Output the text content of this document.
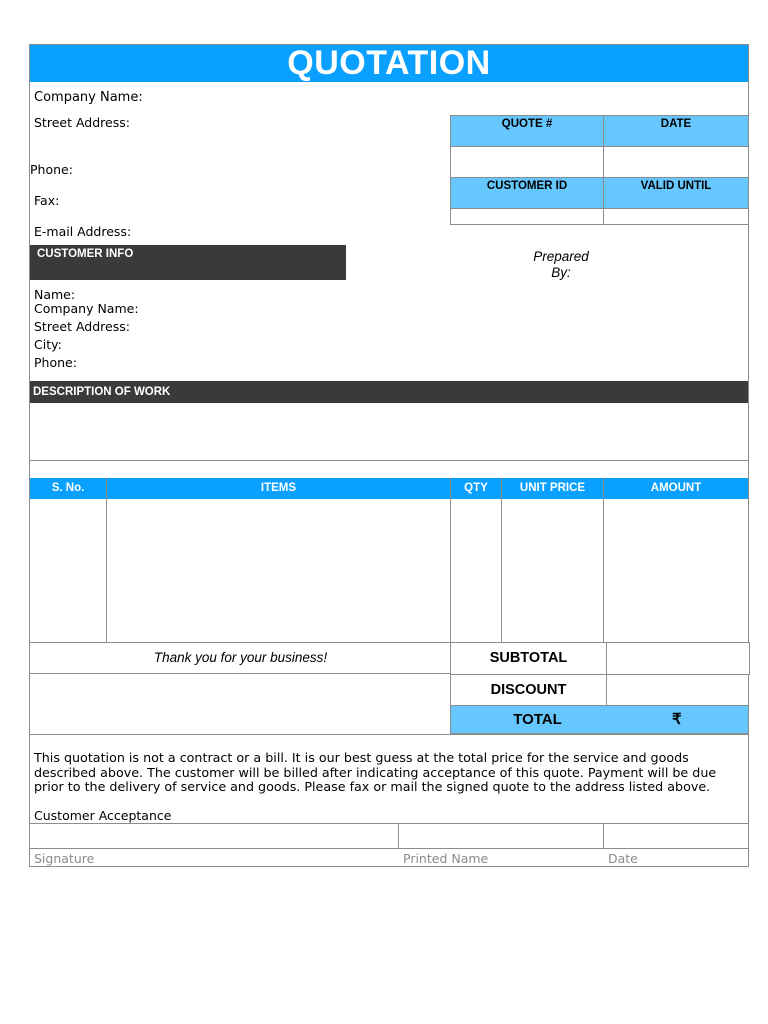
QUOTATION
Company Name:
Street Address:
Phone:
Fax:
E-mail Address:
QUOTE #	DATE
CUSTOMER ID	VALID UNTIL
Prepared
By:
CUSTOMER INFO
Name:
Company Name:
Street Address:
City:
Phone:
DESCRIPTION OF WORK
S. No.	ITEMS	QTY	UNIT PRICE	AMOUNT
Thank you for your business!	SUBTOTAL
DISCOUNT
TOTAL	₹
This quotation is not a contract or a bill. It is our best guess at the total price for the service and goods
described above. The customer will be billed after indicating acceptance of this quote. Payment will be due
prior to the delivery of service and goods. Please fax or mail the signed quote to the address listed above.
Customer Acceptance
Signature	Printed Name	Date
